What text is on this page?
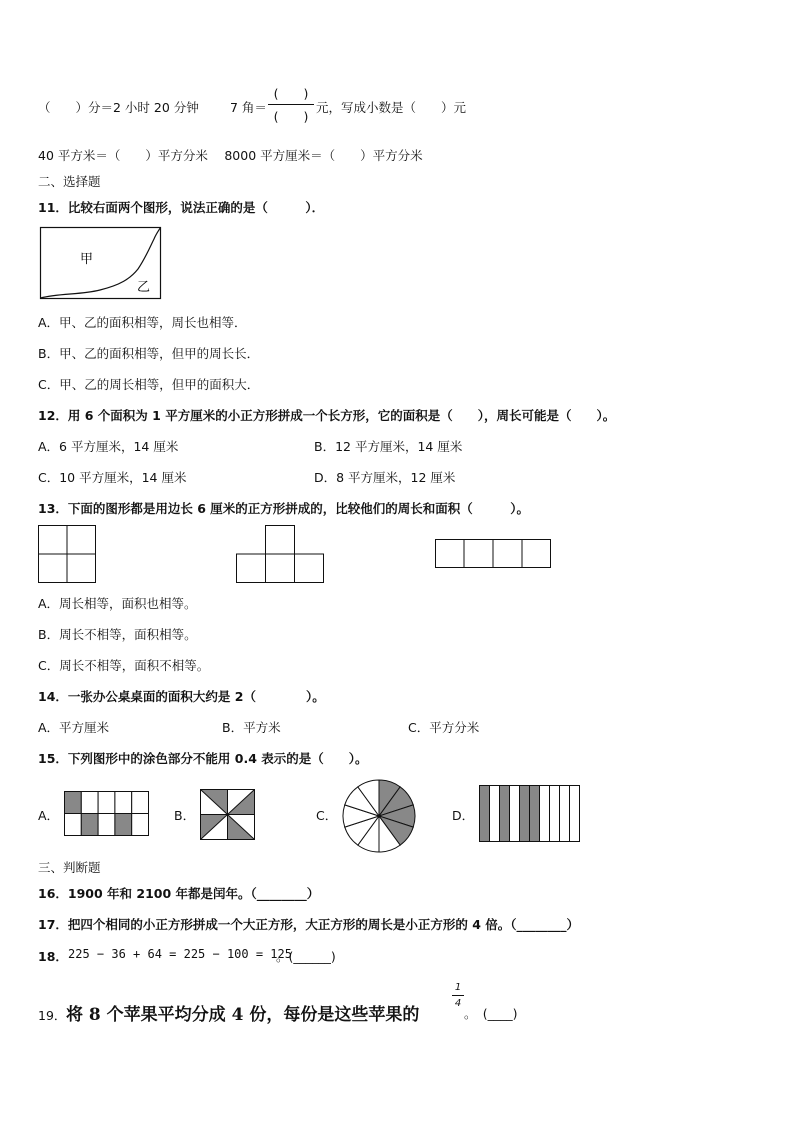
（　　）分＝2 小时 20 分钟 7 角＝
(　　)
(　　)
元，写成小数是（　　）元
40 平方米＝（　　）平方分米　 8000 平方厘米＝（　　）平方分米
二、选择题
11．比较右面两个图形，说法正确的是（　　　）．
甲
乙
A．甲、乙的面积相等，周长也相等．
B．甲、乙的面积相等，但甲的周长长．
C．甲、乙的周长相等，但甲的面积大．
12．用 6 个面积为 1 平方厘米的小正方形拼成一个长方形，它的面积是（　　），周长可能是（　　）。
A．6 平方厘米，14 厘米	B．12 平方厘米，14 厘米
C．10 平方厘米，14 厘米	D．8 平方厘米，12 厘米
13．下面的图形都是用边长 6 厘米的正方形拼成的，比较他们的周长和面积（　　　）。
A．周长相等，面积也相等。
B．周长不相等，面积相等。
C．周长不相等，面积不相等。
14．一张办公桌桌面的面积大约是 2（　　　　）。
A．平方厘米	B．平方米	C．平方分米
15．下列图形中的涂色部分不能用 0.4 表示的是（　　）。
A．	B．	C．	D．
三、判断题
16．1900 年和 2100 年都是闰年。（________）
17．把四个相同的小正方形拼成一个大正方形，大正方形的周长是小正方形的 4 倍。（________）
18． 225 − 36 + 64 = 225 − 100 = 125
。(______)
19． 将 8 个苹果平均分成 4 份，每份是这些苹果的
1
4
。　(____)
